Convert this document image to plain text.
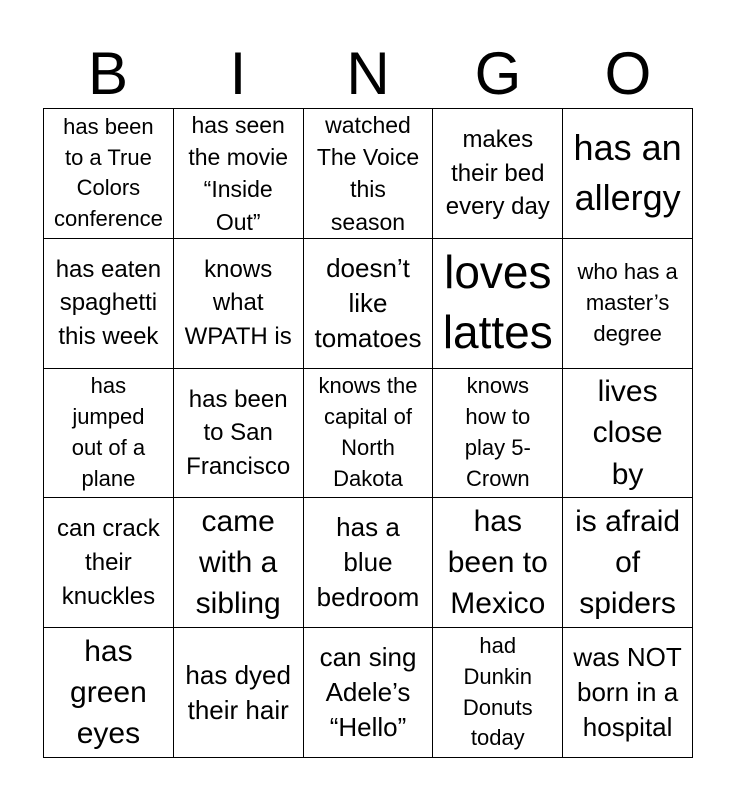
B	I	N	G	O
has been
to a True
Colors
conference
has seen
the movie
“Inside
Out”
watched
The Voice
this
season
makes
their bed
every day
has an
allergy
has eaten
spaghetti
this week
knows
what
WPATH is
doesn’t
like
tomatoes
loves
lattes
who has a
master’s
degree
has
jumped
out of a
plane
has been
to San
Francisco
knows the
capital of
North
Dakota
knows
how to
play 5-
Crown
lives
close
by
can crack
their
knuckles
came
with a
sibling
has a
blue
bedroom
has
been to
Mexico
is afraid
of
spiders
has
green
eyes
has dyed
their hair
can sing
Adele’s
“Hello”
had
Dunkin
Donuts
today
was NOT
born in a
hospital
